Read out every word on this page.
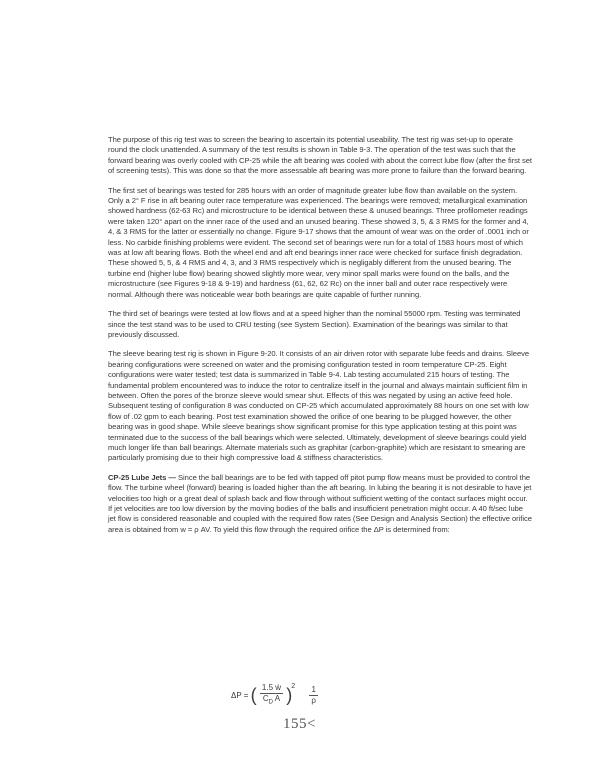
The purpose of this rig test was to screen the bearing to ascertain its potential useability. The test rig was set-up to operate round the clock unattended. A summary of the test results is shown in Table 9-3. The operation of the test was such that the forward bearing was overly cooled with CP-25 while the aft bearing was cooled with about the correct lube flow (after the first set of screening tests). This was done so that the more assessable aft bearing was more prone to failure than the forward bearing.

The first set of bearings was tested for 285 hours with an order of magnitude greater lube flow than available on the system. Only a 2° F rise in aft bearing outer race temperature was experienced. The bearings were removed; metallurgical examination showed hardness (62-63 Rc) and microstructure to be identical between these & unused bearings. Three profilometer readings were taken 120° apart on the inner race of the used and an unused bearing. These showed 3, 5, & 3 RMS for the former and 4, 4, & 3 RMS for the latter or essentially no change. Figure 9-17 shows that the amount of wear was on the order of .0001 inch or less. No carbide finishing problems were evident. The second set of bearings were run for a total of 1583 hours most of which was at low aft bearing flows. Both the wheel end and aft end bearings inner race were checked for surface finish degradation. These showed 5, 5, & 4 RMS and 4, 3, and 3 RMS respectively which is negligably different from the unused bearing. The turbine end (higher lube flow) bearing showed slightly more wear, very minor spall marks were found on the balls, and the microstructure (see Figures 9-18 & 9-19) and hardness (61, 62, 62 Rc) on the inner ball and outer race respectively were normal. Although there was noticeable wear both bearings are quite capable of further running.

The third set of bearings were tested at low flows and at a speed higher than the nominal 55000 rpm. Testing was terminated since the test stand was to be used to CRU testing (see System Section). Examination of the bearings was similar to that previously discussed.

The sleeve bearing test rig is shown in Figure 9-20. It consists of an air driven rotor with separate lube feeds and drains. Sleeve bearing configurations were screened on water and the promising configuration tested in room temperature CP-25. Eight configurations were water tested; test data is summarized in Table 9-4. Lab testing accumulated 215 hours of testing. The fundamental problem encountered was to induce the rotor to centralize itself in the journal and always maintain sufficient film in between. Often the pores of the bronze sleeve would smear shut. Effects of this was negated by using an active feed hole. Subsequent testing of configuration 8 was conducted on CP-25 which accumulated approximately 88 hours on one set with low flow of .02 gpm to each bearing. Post test examination showed the orifice of one bearing to be plugged however, the other bearing was in good shape. While sleeve bearings show significant promise for this type application testing at this point was terminated due to the success of the ball bearings which were selected. Ultimately, development of sleeve bearings could yield much longer life than ball bearings. Alternate materials such as graphitar (carbon-graphite) which are resistant to smearing are particularly promising due to their high compressive load & stiffness characteristics.

CP-25 Lube Jets — Since the ball bearings are to be fed with tapped off pitot pump flow means must be provided to control the flow. The turbine wheel (forward) bearing is loaded higher than the aft bearing. In lubing the bearing it is not desirable to have jet velocities too high or a great deal of splash back and flow through without sufficient wetting of the contact surfaces might occur. If jet velocities are too low diversion by the moving bodies of the balls and insufficient penetration might occur. A 40 ft/sec lube jet flow is considered reasonable and coupled with the required flow rates (See Design and Analysis Section) the effective orifice area is obtained from w = ρ AV. To yield this flow through the required orifice the ΔP is determined from:

ΔP = ( $\frac{\text{1.5 ẇ}}{C_D A} )2 \frac{1}{\rho}$
155<
